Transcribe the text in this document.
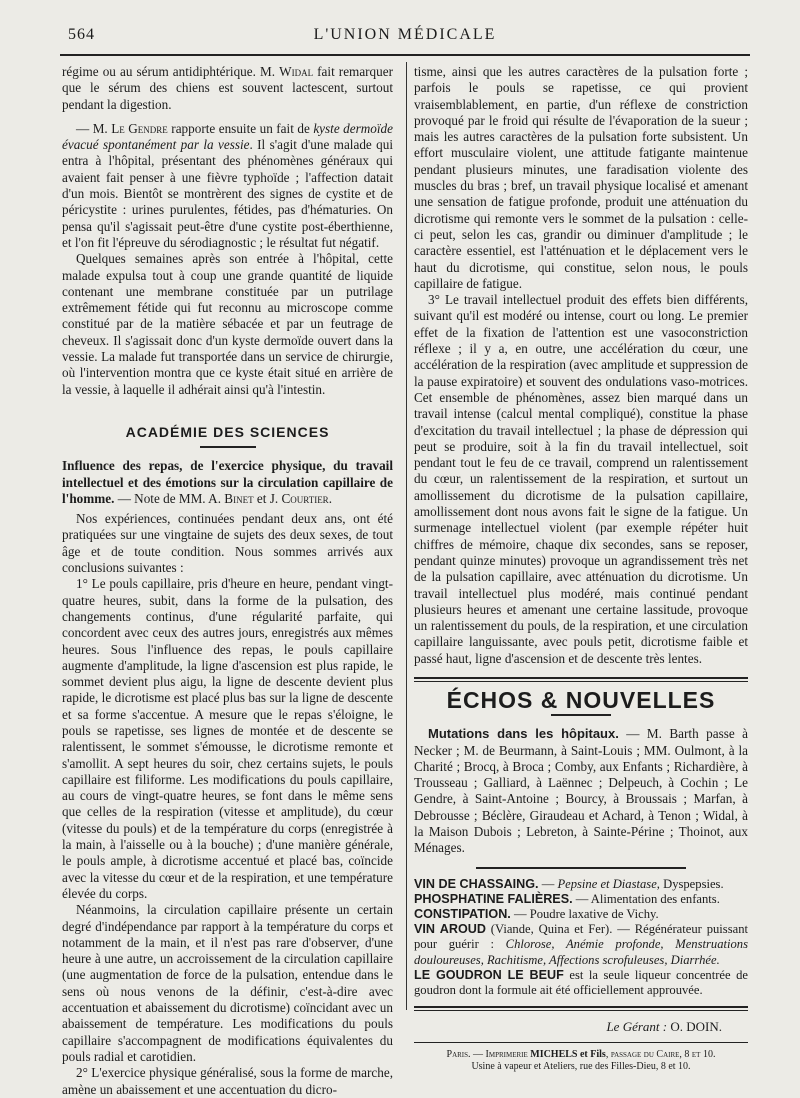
564	L'UNION MÉDICALE

régime ou au sérum antidiphtérique. M. Widal fait remarquer que le sérum des chiens est souvent lactescent, surtout pendant la digestion.

— M. Le Gendre rapporte ensuite un fait de kyste dermoïde évacué spontanément par la vessie. Il s'agit d'une malade qui entra à l'hôpital, présentant des phénomènes généraux qui avaient fait penser à une fièvre typhoïde ; l'affection datait d'un mois. Bientôt se montrèrent des signes de cystite et de péricystite : urines purulentes, fétides, pas d'hématuries. On pensa qu'il s'agissait peut-être d'une cystite post-éberthienne, et l'on fit l'épreuve du sérodiagnostic ; le résultat fut négatif.

Quelques semaines après son entrée à l'hôpital, cette malade expulsa tout à coup une grande quantité de liquide contenant une membrane constituée par un putrilage extrêmement fétide qui fut reconnu au microscope comme constitué par de la matière sébacée et par un feutrage de cheveux. Il s'agissait donc d'un kyste dermoïde ouvert dans la vessie. La malade fut transportée dans un service de chirurgie, où l'intervention montra que ce kyste était situé en arrière de la vessie, à laquelle il adhérait ainsi qu'à l'intestin.

ACADÉMIE DES SCIENCES

Influence des repas, de l'exercice physique, du travail intellectuel et des émotions sur la circulation capillaire de l'homme. — Note de MM. A. Binet et J. Courtier.

Nos expériences, continuées pendant deux ans, ont été pratiquées sur une vingtaine de sujets des deux sexes, de tout âge et de toute condition. Nous sommes arrivés aux conclusions suivantes :

1° Le pouls capillaire, pris d'heure en heure, pendant vingt-quatre heures, subit, dans la forme de la pulsation, des changements continus, d'une régularité parfaite, qui concordent avec ceux des autres jours, enregistrés aux mêmes heures. Sous l'influence des repas, le pouls capillaire augmente d'amplitude, la ligne d'ascension est plus rapide, le sommet devient plus aigu, la ligne de descente devient plus rapide, le dicrotisme est placé plus bas sur la ligne de descente et sa forme s'accentue. A mesure que le repas s'éloigne, le pouls se rapetisse, ses lignes de montée et de descente se ralentissent, le sommet s'émousse, le dicrotisme remonte et s'amollit. A sept heures du soir, chez certains sujets, le pouls capillaire est filiforme. Les modifications du pouls capillaire, au cours de vingt-quatre heures, se font dans le même sens que celles de la respiration (vitesse et amplitude), du cœur (vitesse du pouls) et de la température du corps (enregistrée à la main, à l'aisselle ou à la bouche) ; d'une manière générale, le pouls ample, à dicrotisme accentué et placé bas, coïncide avec la vitesse du cœur et de la respiration, et une température élevée du corps.

Néanmoins, la circulation capillaire présente un certain degré d'indépendance par rapport à la température du corps et notamment de la main, et il n'est pas rare d'observer, d'une heure à une autre, un accroissement de la circulation capillaire (une augmentation de force de la pulsation, entendue dans le sens où nous venons de la définir, c'est-à-dire avec accentuation et abaissement du dicrotisme) coïncidant avec un abaissement de température. Les modifications du pouls capillaire s'accompagnent de modifications équivalentes du pouls radial et carotidien.

2° L'exercice physique généralisé, sous la forme de marche, amène un abaissement et une accentuation du dicro-

tisme, ainsi que les autres caractères de la pulsation forte ; parfois le pouls se rapetisse, ce qui provient vraisemblablement, en partie, d'un réflexe de constriction provoqué par le froid qui résulte de l'évaporation de la sueur ; mais les autres caractères de la pulsation forte subsistent. Un effort musculaire violent, une attitude fatigante maintenue pendant plusieurs minutes, une faradisation violente des muscles du bras ; bref, un travail physique localisé et amenant une sensation de fatigue profonde, produit une atténuation du dicrotisme qui remonte vers le sommet de la pulsation : celle-ci peut, selon les cas, grandir ou diminuer d'amplitude ; le caractère essentiel, est l'atténuation et le déplacement vers le haut du dicrotisme, qui constitue, selon nous, le pouls capillaire de fatigue.

3° Le travail intellectuel produit des effets bien différents, suivant qu'il est modéré ou intense, court ou long. Le premier effet de la fixation de l'attention est une vasoconstriction réflexe ; il y a, en outre, une accélération du cœur, une accélération de la respiration (avec amplitude et suppression de la pause expiratoire) et souvent des ondulations vaso-motrices. Cet ensemble de phénomènes, assez bien marqué dans un travail intense (calcul mental compliqué), constitue la phase d'excitation du travail intellectuel ; la phase de dépression qui peut se produire, soit à la fin du travail intellectuel, soit pendant tout le feu de ce travail, comprend un ralentissement du cœur, un ralentissement de la respiration, et surtout un amollissement du dicrotisme de la pulsation capillaire, amollissement dont nous avons fait le signe de la fatigue. Un surmenage intellectuel violent (par exemple répéter huit chiffres de mémoire, chaque dix secondes, sans se reposer, pendant quinze minutes) provoque un agrandissement très net de la pulsation capillaire, avec atténuation du dicrotisme. Un travail intellectuel plus modéré, mais continué pendant plusieurs heures et amenant une certaine lassitude, provoque un ralentissement du pouls, de la respiration, et une circulation capillaire languissante, avec pouls petit, dicrotisme faible et passé haut, ligne d'ascension et de descente très lentes.

ÉCHOS & NOUVELLES

Mutations dans les hôpitaux. — M. Barth passe à Necker ; M. de Beurmann, à Saint-Louis ; MM. Oulmont, à la Charité ; Brocq, à Broca ; Comby, aux Enfants ; Richardière, à Trousseau ; Galliard, à Laënnec ; Delpeuch, à Cochin ; Le Gendre, à Saint-Antoine ; Bourcy, à Broussais ; Marfan, à Debrousse ; Béclère, Giraudeau et Achard, à Tenon ; Widal, à la Maison Dubois ; Lebreton, à Sainte-Périne ; Thoinot, aux Ménages.

VIN DE CHASSAING. — Pepsine et Diastase, Dyspepsies.

PHOSPHATINE FALIÈRES. — Alimentation des enfants.

CONSTIPATION. — Poudre laxative de Vichy.

VIN AROUD (Viande, Quina et Fer). — Régénérateur puissant pour guérir : Chlorose, Anémie profonde, Menstruations douloureuses, Rachitisme, Affections scrofuleuses, Diarrhée.

LE GOUDRON LE BEUF est la seule liqueur concentrée de goudron dont la formule ait été officiellement approuvée.

Le Gérant : O. DOIN.
Paris. — Imprimerie MICHELS et Fils, passage du Caire, 8 et 10.
Usine à vapeur et Ateliers, rue des Filles-Dieu, 8 et 10.
